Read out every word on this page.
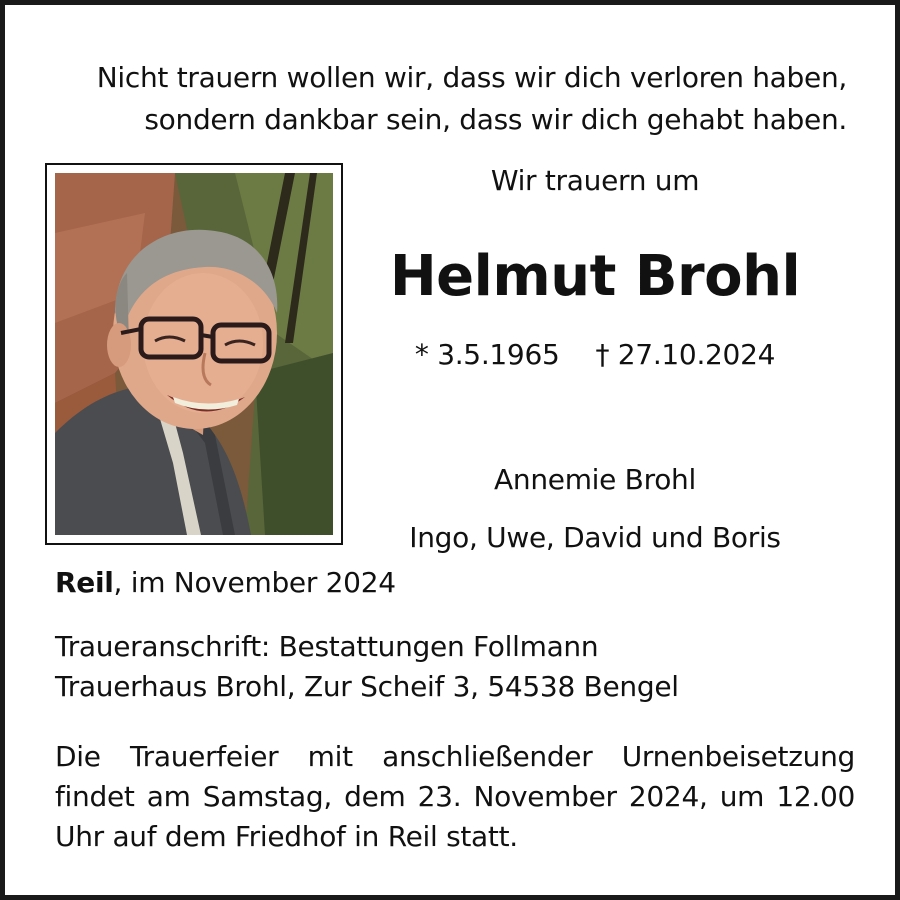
Nicht trauern wollen wir, dass wir dich verloren haben,
sondern dankbar sein, dass wir dich gehabt haben.
Wir trauern um
Helmut Brohl
* 3.5.1965 † 27.10.2024
Annemie Brohl
Ingo, Uwe, David und Boris
Reil, im November 2024
Traueranschrift: Bestattungen Follmann
Trauerhaus Brohl, Zur Scheif 3, 54538 Bengel
Die Trauerfeier mit anschließender Urnenbeisetzung findet am Samstag, dem 23. November 2024, um 12.00 Uhr auf dem Friedhof in Reil statt.
